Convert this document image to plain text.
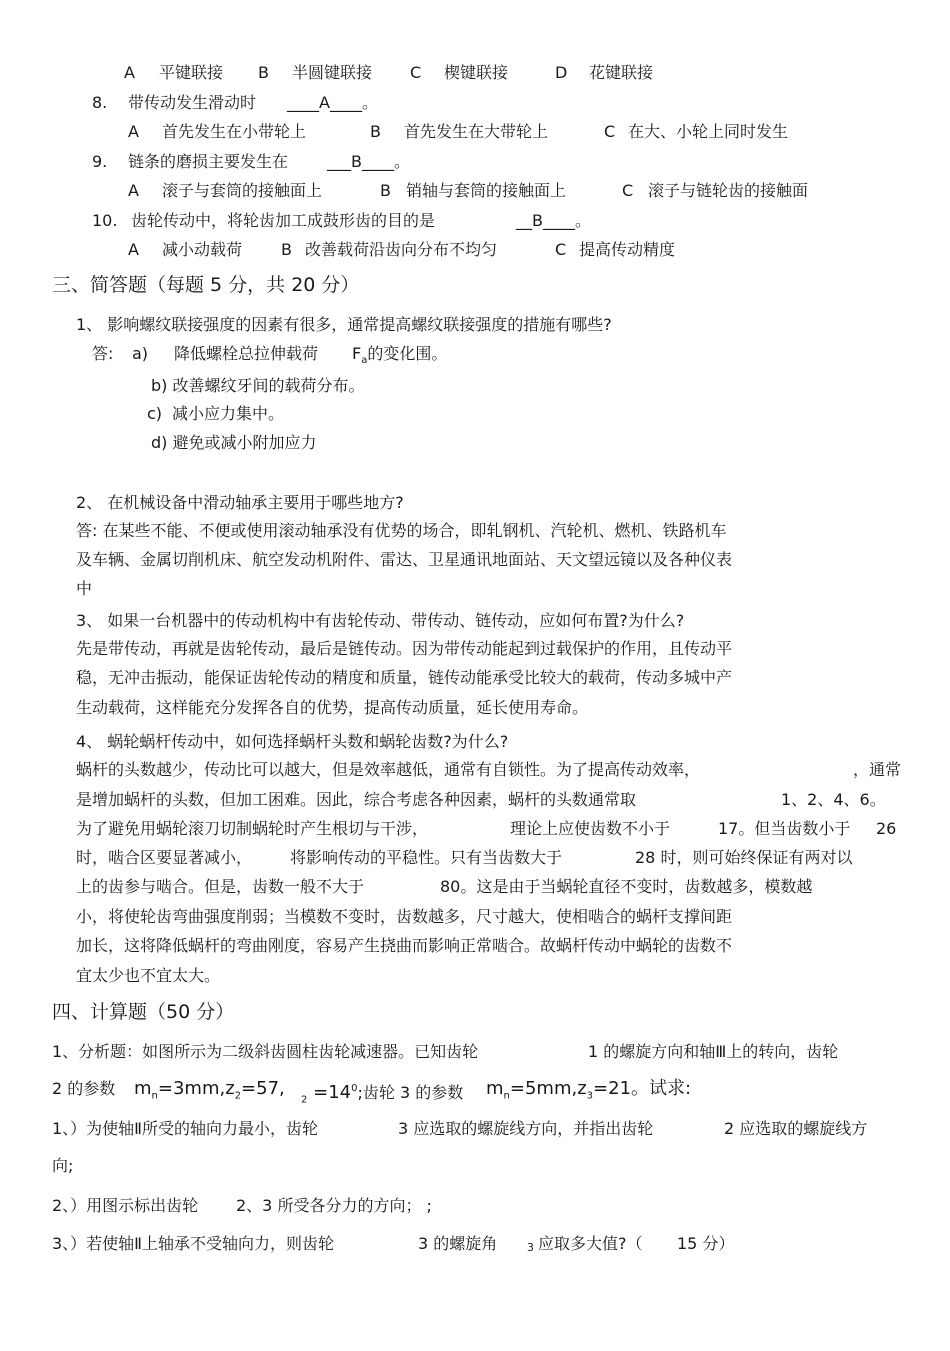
A 平键联接 B 半圆键联接 C 楔键联接	D 花键联接
8. 带传动发生滑动时 ____A____。
A 首先发生在小带轮上	B 首先发生在大带轮上	C 在大、小轮上同时发生
9. 链条的磨损主要发生在 ___B____。
A 滚子与套筒的接触面上	B 销轴与套筒的接触面上	C 滚子与链轮齿的接触面
10. 齿轮传动中，将轮齿加工成鼓形齿的目的是	__B____。
A 减小动载荷 B 改善载荷沿齿向分布不均匀	C 提高传动精度
三、简答题（每题 5 分，共 20 分）
1、 影响螺纹联接强度的因素有很多，通常提高螺纹联接强度的措施有哪些?
答: a) 降低螺栓总拉伸载荷 $F_a$的变化围。
b) 改善螺纹牙间的载荷分布。
c) 减小应力集中。
d) 避免或减小附加应力
2、 在机械设备中滑动轴承主要用于哪些地方?
答: 在某些不能、不便或使用滚动轴承没有优势的场合，即轧钢机、汽轮机、燃机、铁路机车
及车辆、金属切削机床、航空发动机附件、雷达、卫星通讯地面站、天文望远镜以及各种仪表
中
3、 如果一台机器中的传动机构中有齿轮传动、带传动、链传动，应如何布置?为什么?
先是带传动，再就是齿轮传动，最后是链传动。因为带传动能起到过载保护的作用，且传动平
稳，无冲击振动，能保证齿轮传动的精度和质量，链传动能承受比较大的载荷，传动多城中产
生动载荷，这样能充分发挥各自的优势，提高传动质量，延长使用寿命。
4、 蜗轮蜗杆传动中，如何选择蜗杆头数和蜗轮齿数?为什么?
蜗杆的头数越少，传动比可以越大，但是效率越低，通常有自锁性。为了提高传动效率，	，通常
是增加蜗杆的头数，但加工困难。因此，综合考虑各种因素，蜗杆的头数通常取	1、2、4、6。
为了避免用蜗轮滚刀切制蜗轮时产生根切与干涉，	理论上应使齿数不小于	17。但当齿数小于 26
时，啮合区要显著减小， 将影响传动的平稳性。只有当齿数大于	28 时，则可始终保证有两对以
上的齿参与啮合。但是，齿数一般不大于	80。这是由于当蜗轮直径不变时，齿数越多，模数越
小，将使轮齿弯曲强度削弱；当模数不变时，齿数越多，尺寸越大，使相啮合的蜗杆支撑间距
加长，这将降低蜗杆的弯曲刚度，容易产生挠曲而影响正常啮合。故蜗杆传动中蜗轮的齿数不
宜太少也不宜太大。
四、计算题（50 分）
1、分析题：如图所示为二级斜齿圆柱齿轮减速器。已知齿轮	1 的螺旋方向和轴Ⅲ上的转向，齿轮
2 的参数 $m_n=3mm,z_2=57$,
$_2 =14^0$;齿轮 3 的参数 $m_n=5mm,z_3=21$。试求:
1、）为使轴Ⅱ所受的轴向力最小，齿轮	3 应选取的螺旋线方向，并指出齿轮	2 应选取的螺旋线方
向;
2、）用图示标出齿轮 2、3 所受各分力的方向； ;
3、）若使轴Ⅱ上轴承不受轴向力，则齿轮	3 的螺旋角	3 应取多大值?（ 15 分）
